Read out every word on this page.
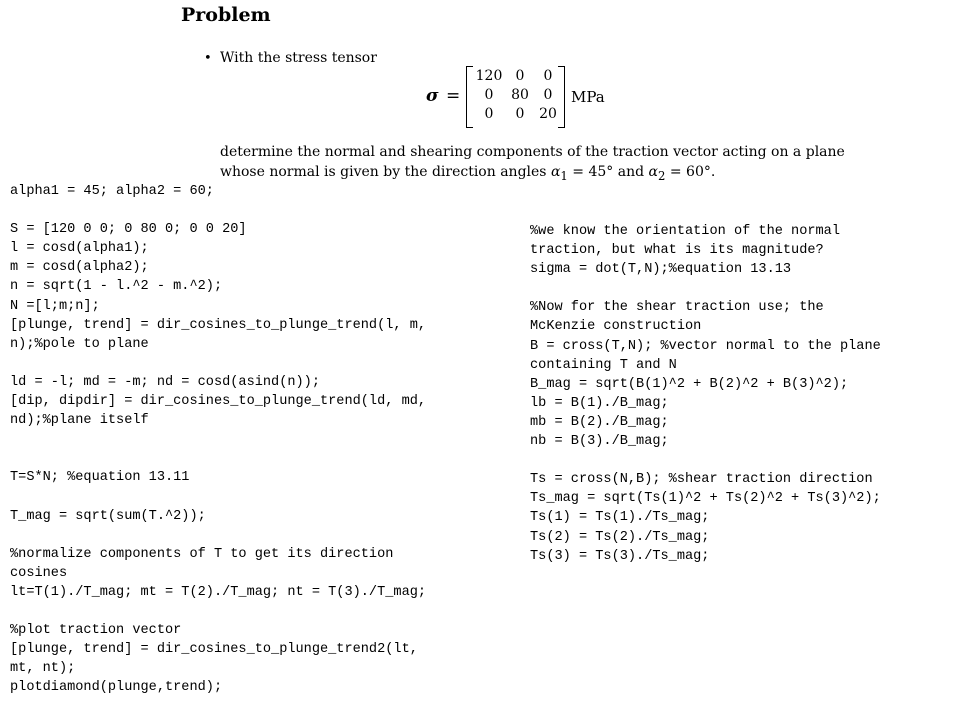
Problem
• With the stress tensor
σ =
120 0	0
0	80	0
0	0	20
MPa
determine the normal and shearing components of the traction vector acting on a plane
whose normal is given by the direction angles $\alpha_1 = 45^\circ$ and $\alpha_2 = 60^\circ$.
alpha1 = 45; alpha2 = 60;

S = [120 0 0; 0 80 0; 0 0 20]
l = cosd(alpha1);
m = cosd(alpha2);
n = sqrt(1 - l.^2 - m.^2);
N =[l;m;n];
[plunge, trend] = dir_cosines_to_plunge_trend(l, m,
n);%pole to plane

ld = -l; md = -m; nd = cosd(asind(n));
[dip, dipdir] = dir_cosines_to_plunge_trend(ld, md,
nd);%plane itself

T=S*N; %equation 13.11

T_mag = sqrt(sum(T.^2));

%normalize components of T to get its direction
cosines
lt=T(1)./T_mag; mt = T(2)./T_mag; nt = T(3)./T_mag;

%plot traction vector
[plunge, trend] = dir_cosines_to_plunge_trend2(lt,
mt, nt);
plotdiamond(plunge,trend);
%we know the orientation of the normal
traction, but what is its magnitude?
sigma = dot(T,N);%equation 13.13

%Now for the shear traction use; the
McKenzie construction
B = cross(T,N); %vector normal to the plane
containing T and N
B_mag = sqrt(B(1)^2 + B(2)^2 + B(3)^2);
lb = B(1)./B_mag;
mb = B(2)./B_mag;
nb = B(3)./B_mag;

Ts = cross(N,B); %shear traction direction
Ts_mag = sqrt(Ts(1)^2 + Ts(2)^2 + Ts(3)^2);
Ts(1) = Ts(1)./Ts_mag;
Ts(2) = Ts(2)./Ts_mag;
Ts(3) = Ts(3)./Ts_mag;
